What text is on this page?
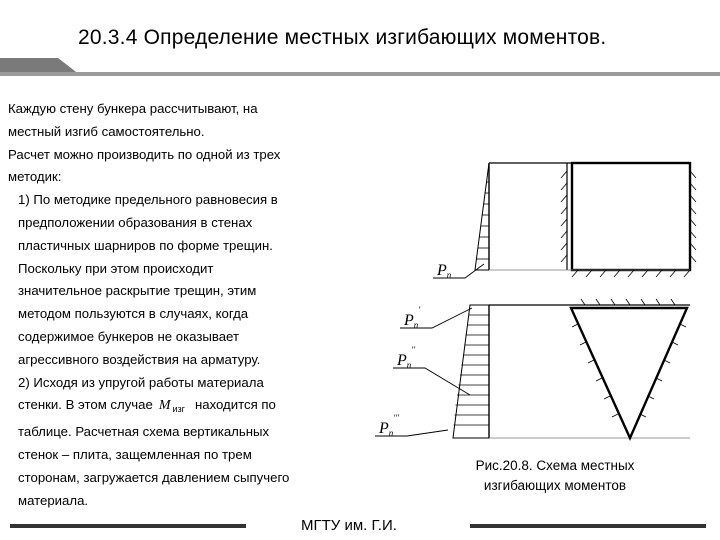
20.3.4 Определение местных изгибающих моментов.
Каждую стену бункера рассчитывают, на
местный изгиб самостоятельно.
Расчет можно производить по одной из трех
методик:
1) По методике предельного равновесия в
предположении образования в стенах
пластичных шарниров по форме трещин.
Поскольку при этом происходит
значительное раскрытие трещин, этим
методом пользуются в случаях, когда
содержимое бункеров не оказывает
агрессивного воздействия на арматуру.
2) Исходя из упругой работы материала
стенки. В этом случае M $_{изг}$ находится по
таблице. Расчетная схема вертикальных
стенок – плита, защемленная по трем
сторонам, загружается давлением сыпучего
материала.
Pn
Pn'
Pn''
Pn'''
Рис.20.8. Схема местных
изгибающих моментов
МГТУ им. Г.И.
